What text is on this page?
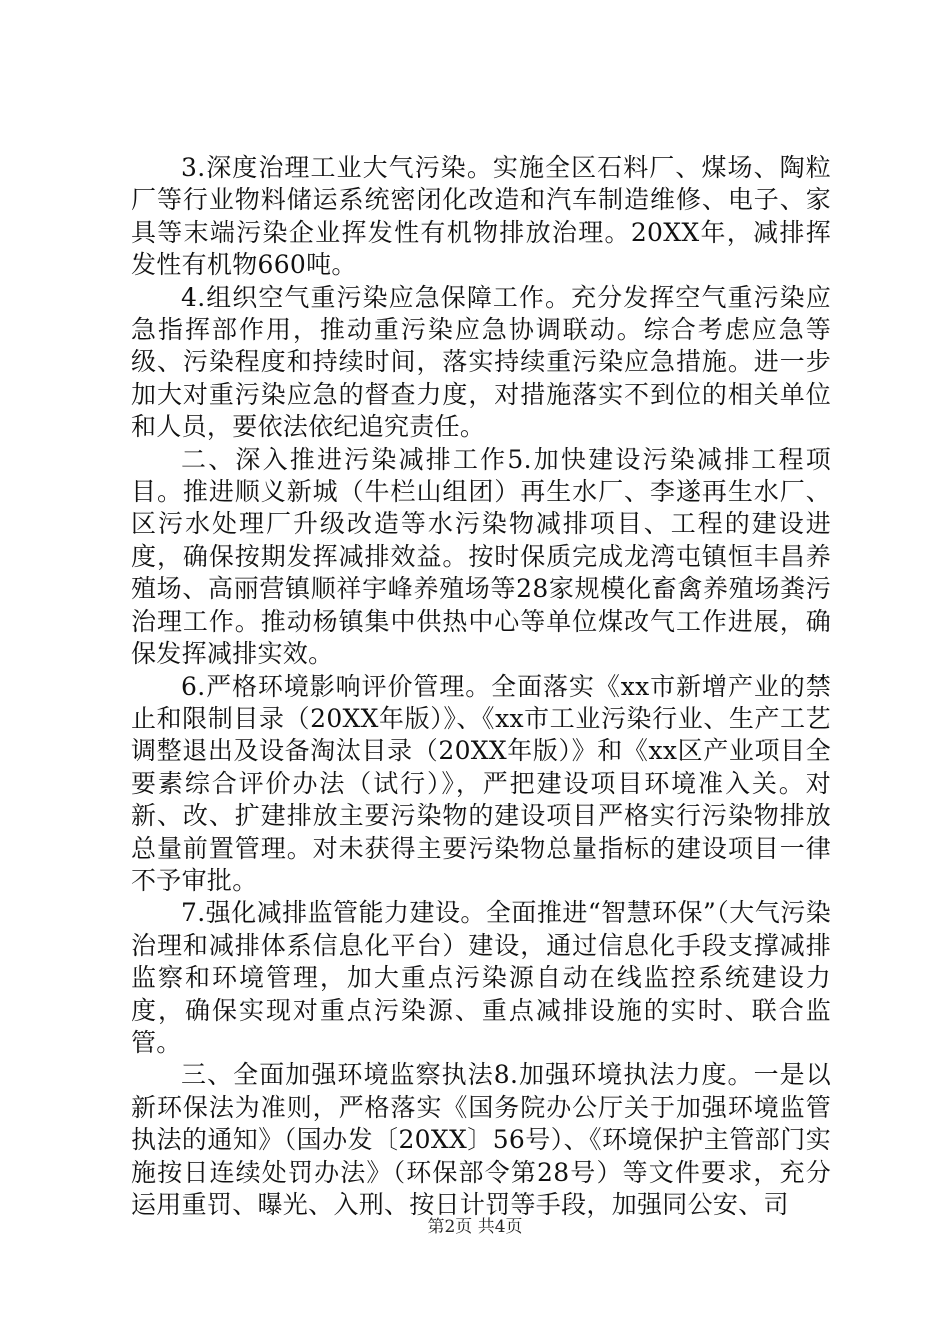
3.深度治理工业大气污染。实施全区石料厂、煤场、陶粒厂等行业物料储运系统密闭化改造和汽车制造维修、电子、家具等末端污染企业挥发性有机物排放治理。20XX年，减排挥发性有机物660吨。

4.组织空气重污染应急保障工作。充分发挥空气重污染应急指挥部作用，推动重污染应急协调联动。综合考虑应急等级、污染程度和持续时间，落实持续重污染应急措施。进一步加大对重污染应急的督查力度，对措施落实不到位的相关单位和人员，要依法依纪追究责任。

二、深入推进污染减排工作5.加快建设污染减排工程项目。推进顺义新城（牛栏山组团）再生水厂、李遂再生水厂、区污水处理厂升级改造等水污染物减排项目、工程的建设进度，确保按期发挥减排效益。按时保质完成龙湾屯镇恒丰昌养殖场、高丽营镇顺祥宇峰养殖场等28家规模化畜禽养殖场粪污治理工作。推动杨镇集中供热中心等单位煤改气工作进展，确保发挥减排实效。

6.严格环境影响评价管理。全面落实《xx市新增产业的禁止和限制目录（20XX年版）》、《xx市工业污染行业、生产工艺调整退出及设备淘汰目录（20XX年版）》和《xx区产业项目全要素综合评价办法（试行）》，严把建设项目环境准入关。对新、改、扩建排放主要污染物的建设项目严格实行污染物排放总量前置管理。对未获得主要污染物总量指标的建设项目一律不予审批。

7.强化减排监管能力建设。全面推进“智慧环保”（大气污染治理和减排体系信息化平台）建设，通过信息化手段支撑减排监察和环境管理，加大重点污染源自动在线监控系统建设力度，确保实现对重点污染源、重点减排设施的实时、联合监管。

三、全面加强环境监察执法8.加强环境执法力度。一是以新环保法为准则，严格落实《国务院办公厅关于加强环境监管执法的通知》（国办发〔20XX〕56号）、《环境保护主管部门实施按日连续处罚办法》（环保部令第28号）等文件要求，充分运用重罚、曝光、入刑、按日计罚等手段，加强同公安、司

第2页 共4页
